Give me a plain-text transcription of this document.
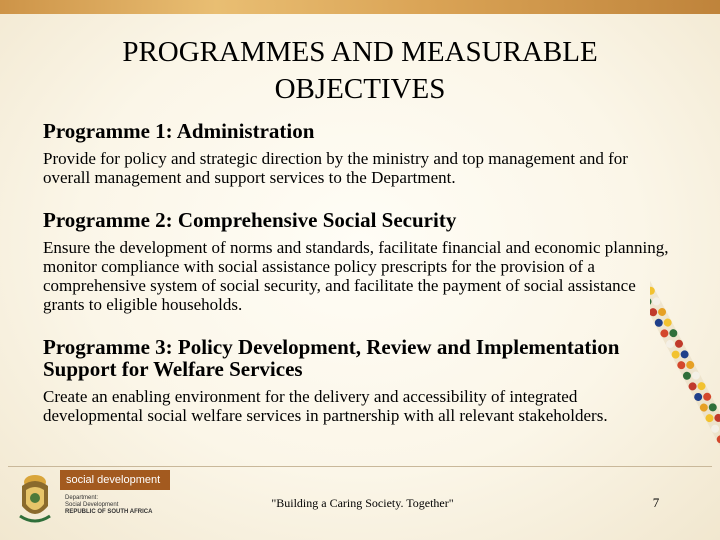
PROGRAMMES AND MEASURABLE OBJECTIVES

Programme 1: Administration

Provide for policy and strategic direction by the ministry and top management and for overall management and support services to the Department.

Programme 2: Comprehensive Social Security

Ensure the development of norms and standards, facilitate financial and economic planning, monitor compliance with social assistance policy prescripts for the provision of a comprehensive system of social security, and facilitate the payment of social assistance grants to eligible households.

Programme 3: Policy Development, Review and Implementation Support for Welfare Services

Create an enabling environment for the delivery and accessibility of integrated developmental social welfare services in partnership with all relevant stakeholders.

social development
Department:
Social Development
REPUBLIC OF SOUTH AFRICA
"Building a Caring Society. Together"	7
